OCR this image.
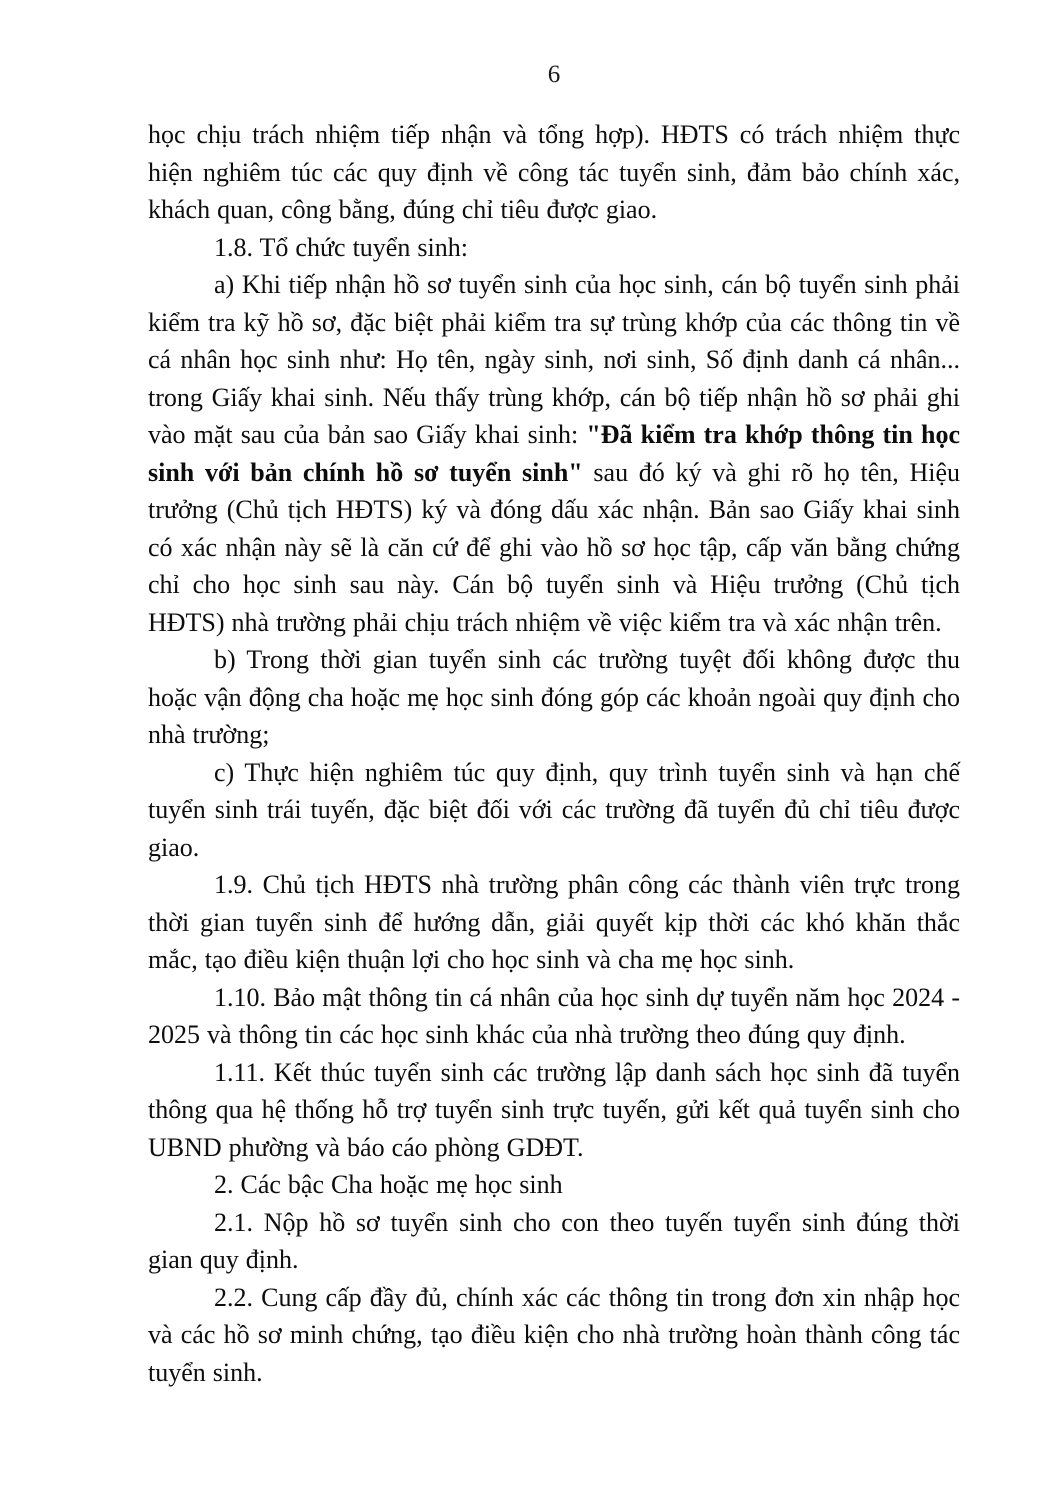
6

học chịu trách nhiệm tiếp nhận và tổng hợp). HĐTS có trách nhiệm thực hiện nghiêm túc các quy định về công tác tuyển sinh, đảm bảo chính xác, khách quan, công bằng, đúng chỉ tiêu được giao.

1.8. Tổ chức tuyển sinh:

a) Khi tiếp nhận hồ sơ tuyển sinh của học sinh, cán bộ tuyển sinh phải kiểm tra kỹ hồ sơ, đặc biệt phải kiểm tra sự trùng khớp của các thông tin về cá nhân học sinh như: Họ tên, ngày sinh, nơi sinh, Số định danh cá nhân... trong Giấy khai sinh. Nếu thấy trùng khớp, cán bộ tiếp nhận hồ sơ phải ghi vào mặt sau của bản sao Giấy khai sinh: "Đã kiểm tra khớp thông tin học sinh với bản chính hồ sơ tuyển sinh" sau đó ký và ghi rõ họ tên, Hiệu trưởng (Chủ tịch HĐTS) ký và đóng dấu xác nhận. Bản sao Giấy khai sinh có xác nhận này sẽ là căn cứ để ghi vào hồ sơ học tập, cấp văn bằng chứng chỉ cho học sinh sau này. Cán bộ tuyển sinh và Hiệu trưởng (Chủ tịch HĐTS) nhà trường phải chịu trách nhiệm về việc kiểm tra và xác nhận trên.

b) Trong thời gian tuyển sinh các trường tuyệt đối không được thu hoặc vận động cha hoặc mẹ học sinh đóng góp các khoản ngoài quy định cho nhà trường;

c) Thực hiện nghiêm túc quy định, quy trình tuyển sinh và hạn chế tuyển sinh trái tuyến, đặc biệt đối với các trường đã tuyển đủ chỉ tiêu được giao.

1.9. Chủ tịch HĐTS nhà trường phân công các thành viên trực trong thời gian tuyển sinh để hướng dẫn, giải quyết kịp thời các khó khăn thắc mắc, tạo điều kiện thuận lợi cho học sinh và cha mẹ học sinh.

1.10. Bảo mật thông tin cá nhân của học sinh dự tuyển năm học 2024 - 2025 và thông tin các học sinh khác của nhà trường theo đúng quy định.

1.11. Kết thúc tuyển sinh các trường lập danh sách học sinh đã tuyển thông qua hệ thống hỗ trợ tuyển sinh trực tuyến, gửi kết quả tuyển sinh cho UBND phường và báo cáo phòng GDĐT.

2. Các bậc Cha hoặc mẹ học sinh

2.1. Nộp hồ sơ tuyển sinh cho con theo tuyến tuyển sinh đúng thời gian quy định.

2.2. Cung cấp đầy đủ, chính xác các thông tin trong đơn xin nhập học và các hồ sơ minh chứng, tạo điều kiện cho nhà trường hoàn thành công tác tuyển sinh.
